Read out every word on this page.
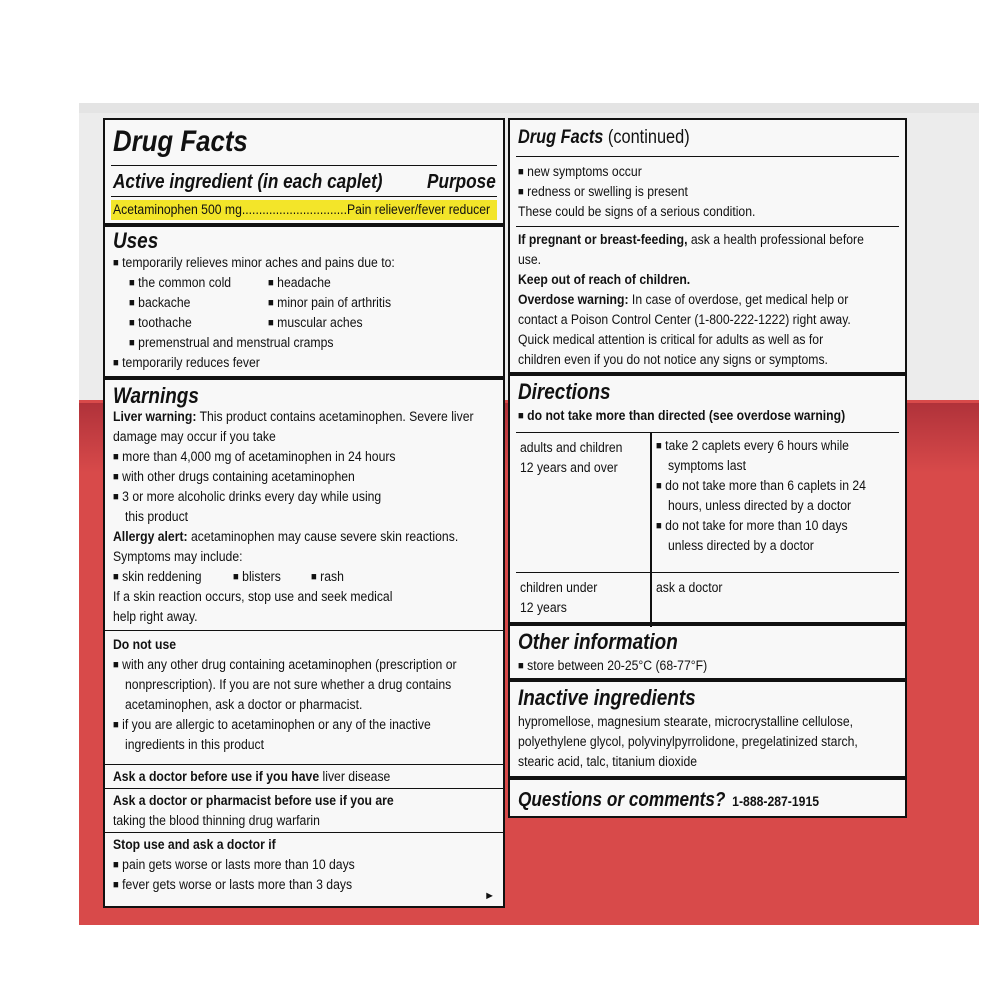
Drug Facts
Active ingredient (in each caplet) Purpose
Acetaminophen 500 mg...............................Pain reliever/fever reducer
Uses
■ temporarily relieves minor aches and pains due to:
■ the common cold
■ backache
■ toothache
■ headache
■ minor pain of arthritis
■ muscular aches
■ premenstrual and menstrual cramps
■ temporarily reduces fever
Warnings
Liver warning: This product contains acetaminophen. Severe liver
damage may occur if you take
■ more than 4,000 mg of acetaminophen in 24 hours
■ with other drugs containing acetaminophen
■ 3 or more alcoholic drinks every day while using
this product
Allergy alert: acetaminophen may cause severe skin reactions.
Symptoms may include:
■ skin reddening	■ blisters	■ rash
If a skin reaction occurs, stop use and seek medical
help right away.
Do not use
■ with any other drug containing acetaminophen (prescription or
nonprescription). If you are not sure whether a drug contains
acetaminophen, ask a doctor or pharmacist.
■ if you are allergic to acetaminophen or any of the inactive
ingredients in this product
Ask a doctor before use if you have liver disease
Ask a doctor or pharmacist before use if you are
taking the blood thinning drug warfarin
Stop use and ask a doctor if
■ pain gets worse or lasts more than 10 days
■ fever gets worse or lasts more than 3 days
►
Drug Facts (continued)
■ new symptoms occur
■ redness or swelling is present
These could be signs of a serious condition.
If pregnant or breast-feeding, ask a health professional before
use.
Keep out of reach of children.
Overdose warning: In case of overdose, get medical help or
contact a Poison Control Center (1-800-222-1222) right away.
Quick medical attention is critical for adults as well as for
children even if you do not notice any signs or symptoms.
Directions
■ do not take more than directed (see overdose warning)
adults and children
12 years and over
■ take 2 caplets every 6 hours while
symptoms last
■ do not take more than 6 caplets in 24
hours, unless directed by a doctor
■ do not take for more than 10 days
unless directed by a doctor
children under
12 years
ask a doctor
Other information
■ store between 20-25°C (68-77°F)
Inactive ingredients
hypromellose, magnesium stearate, microcrystalline cellulose,
polyethylene glycol, polyvinylpyrrolidone, pregelatinized starch,
stearic acid, talc, titanium dioxide
Questions or comments? 1-888-287-1915
